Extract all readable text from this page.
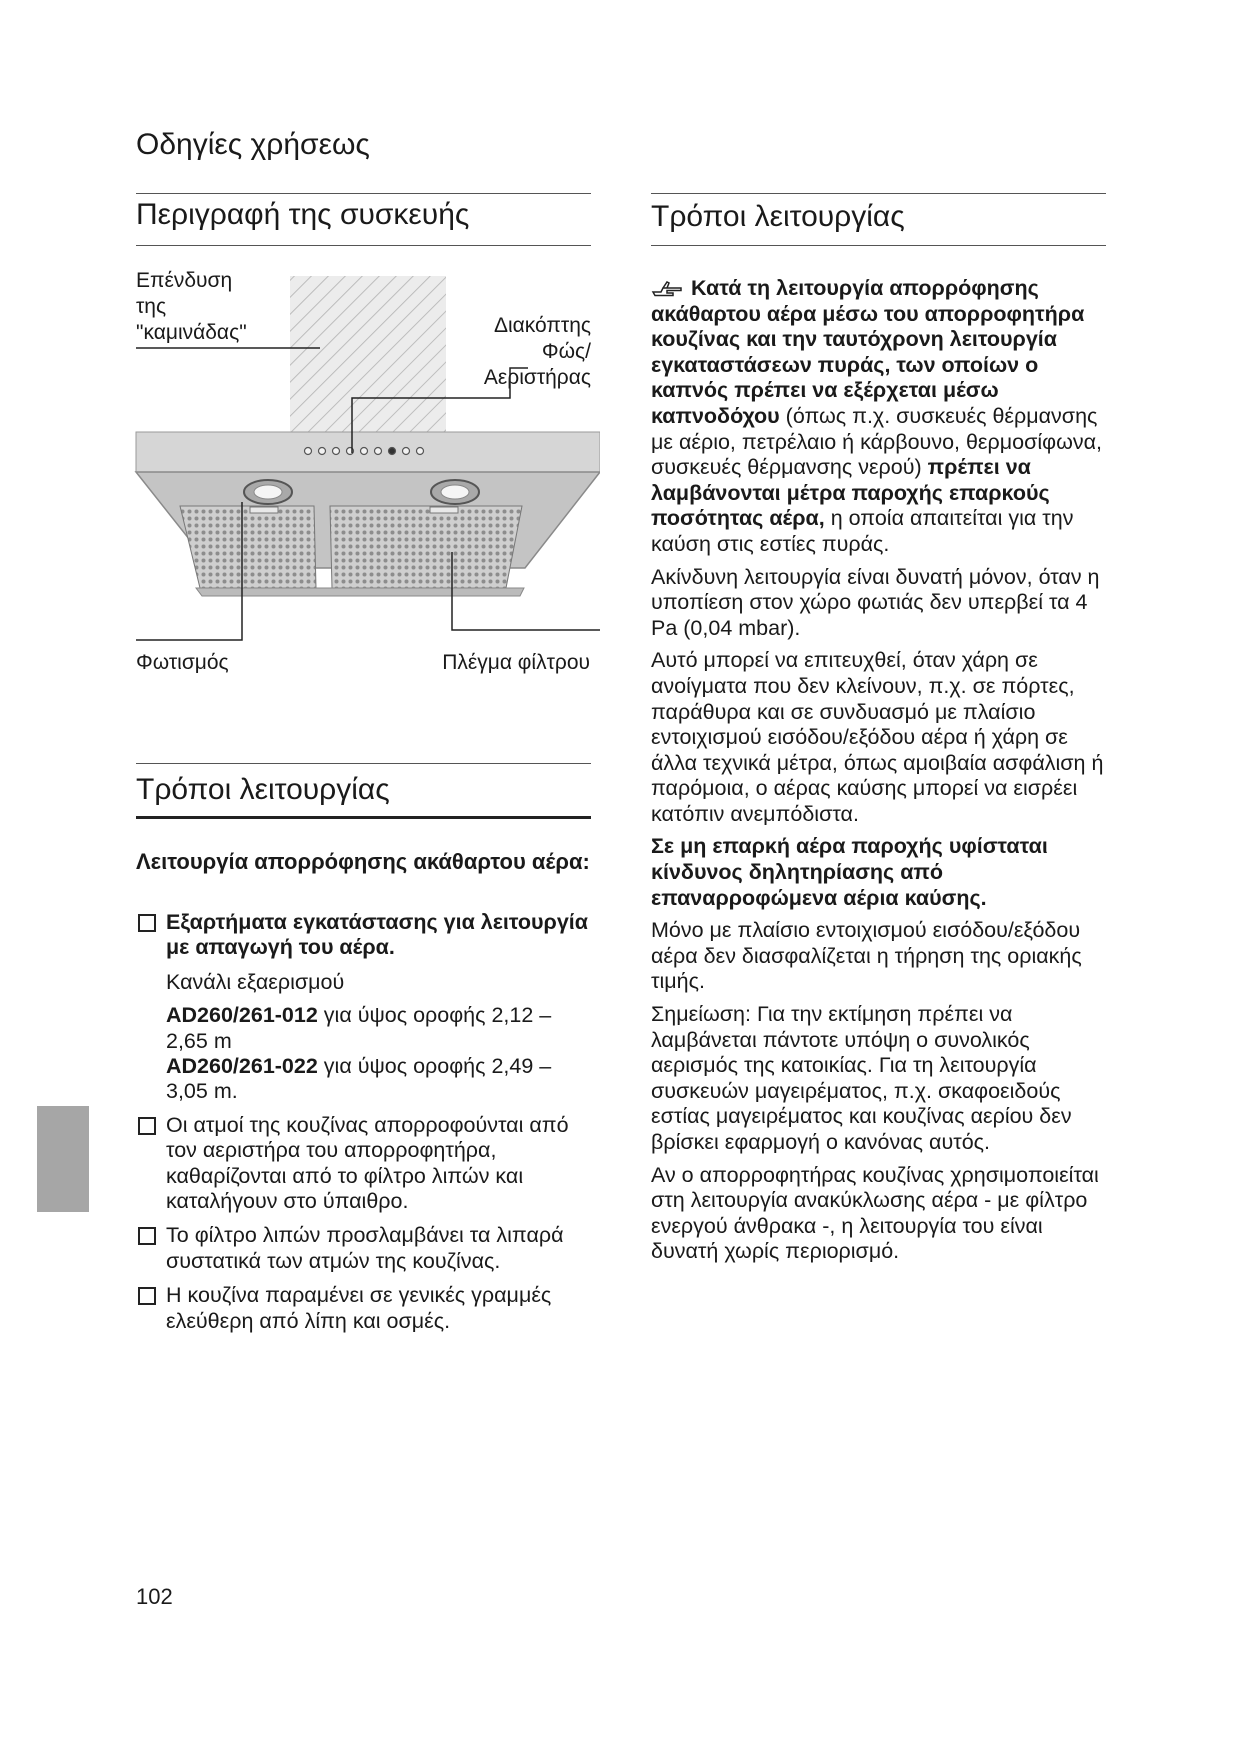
Οδηγίες χρήσεως
Περιγραφή της συσκευής
Επένδυση
της
"καμινάδας"	Διακόπτης
Φώς/
Αεριστήρας
Φωτισμός	Πλέγμα φίλτρου
Τρόποι λειτουργίας
Λειτουργία απορρόφησης ακάθαρτου αέρα:

Εξαρτήματα εγκατάστασης για λειτουργία με απαγωγή του αέρα.

Κανάλι εξαερισμού

AD260/261-012 για ύψος οροφής 2,12 – 2,65 m

AD260/261-022 για ύψος οροφής 2,49 – 3,05 m.

Οι ατμοί της κουζίνας απορροφούνται από τον αεριστήρα του απορροφητήρα, καθαρίζονται από το φίλτρο λιπών και καταλήγουν στο ύπαιθρο.

Το φίλτρο λιπών προσλαμβάνει τα λιπαρά συστατικά των ατμών της κουζίνας.

Η κουζίνα παραμένει σε γενικές γραμμές ελεύθερη από λίπη και οσμές.

Τρόποι λειτουργίας

Κατά τη λειτουργία απορρόφησης ακάθαρτου αέρα μέσω του απορροφητήρα κουζίνας και την ταυτόχρονη λειτουργία εγκαταστάσεων πυράς, των οποίων ο καπνός πρέπει να εξέρχεται μέσω καπνοδόχου (όπως π.χ. συσκευές θέρμανσης με αέριο, πετρέλαιο ή κάρβουνο, θερμοσίφωνα, συσκευές θέρμανσης νερού) πρέπει να λαμβάνονται μέτρα παροχής επαρκούς ποσότητας αέρα, η οποία απαιτείται για την καύση στις εστίες πυράς.

Ακίνδυνη λειτουργία είναι δυνατή μόνον, όταν η υποπίεση στον χώρο φωτιάς δεν υπερβεί τα 4 Pa (0,04 mbar).

Αυτό μπορεί να επιτευχθεί, όταν χάρη σε ανοίγματα που δεν κλείνουν, π.χ. σε πόρτες, παράθυρα και σε συνδυασμό με πλαίσιο εντοιχισμού εισόδου/εξόδου αέρα ή χάρη σε άλλα τεχνικά μέτρα, όπως αμοιβαία ασφάλιση ή παρόμοια, ο αέρας καύσης μπορεί να εισρέει κατόπιν ανεμπόδιστα.

Σε μη επαρκή αέρα παροχής υφίσταται κίνδυνος δηλητηρίασης από επαναρροφώμενα αέρια καύσης.

Μόνο με πλαίσιο εντοιχισμού εισόδου/εξόδου αέρα δεν διασφαλίζεται η τήρηση της οριακής τιμής.

Σημείωση: Για την εκτίμηση πρέπει να λαμβάνεται πάντοτε υπόψη ο συνολικός αερισμός της κατοικίας. Για τη λειτουργία συσκευών μαγειρέματος, π.χ. σκαφοειδούς εστίας μαγειρέματος και κουζίνας αερίου δεν βρίσκει εφαρμογή ο κανόνας αυτός.

Αν ο απορροφητήρας κουζίνας χρησιμοποιείται στη λειτουργία ανακύκλωσης αέρα - με φίλτρο ενεργού άνθρακα -, η λειτουργία του είναι δυνατή χωρίς περιορισμό.

102
